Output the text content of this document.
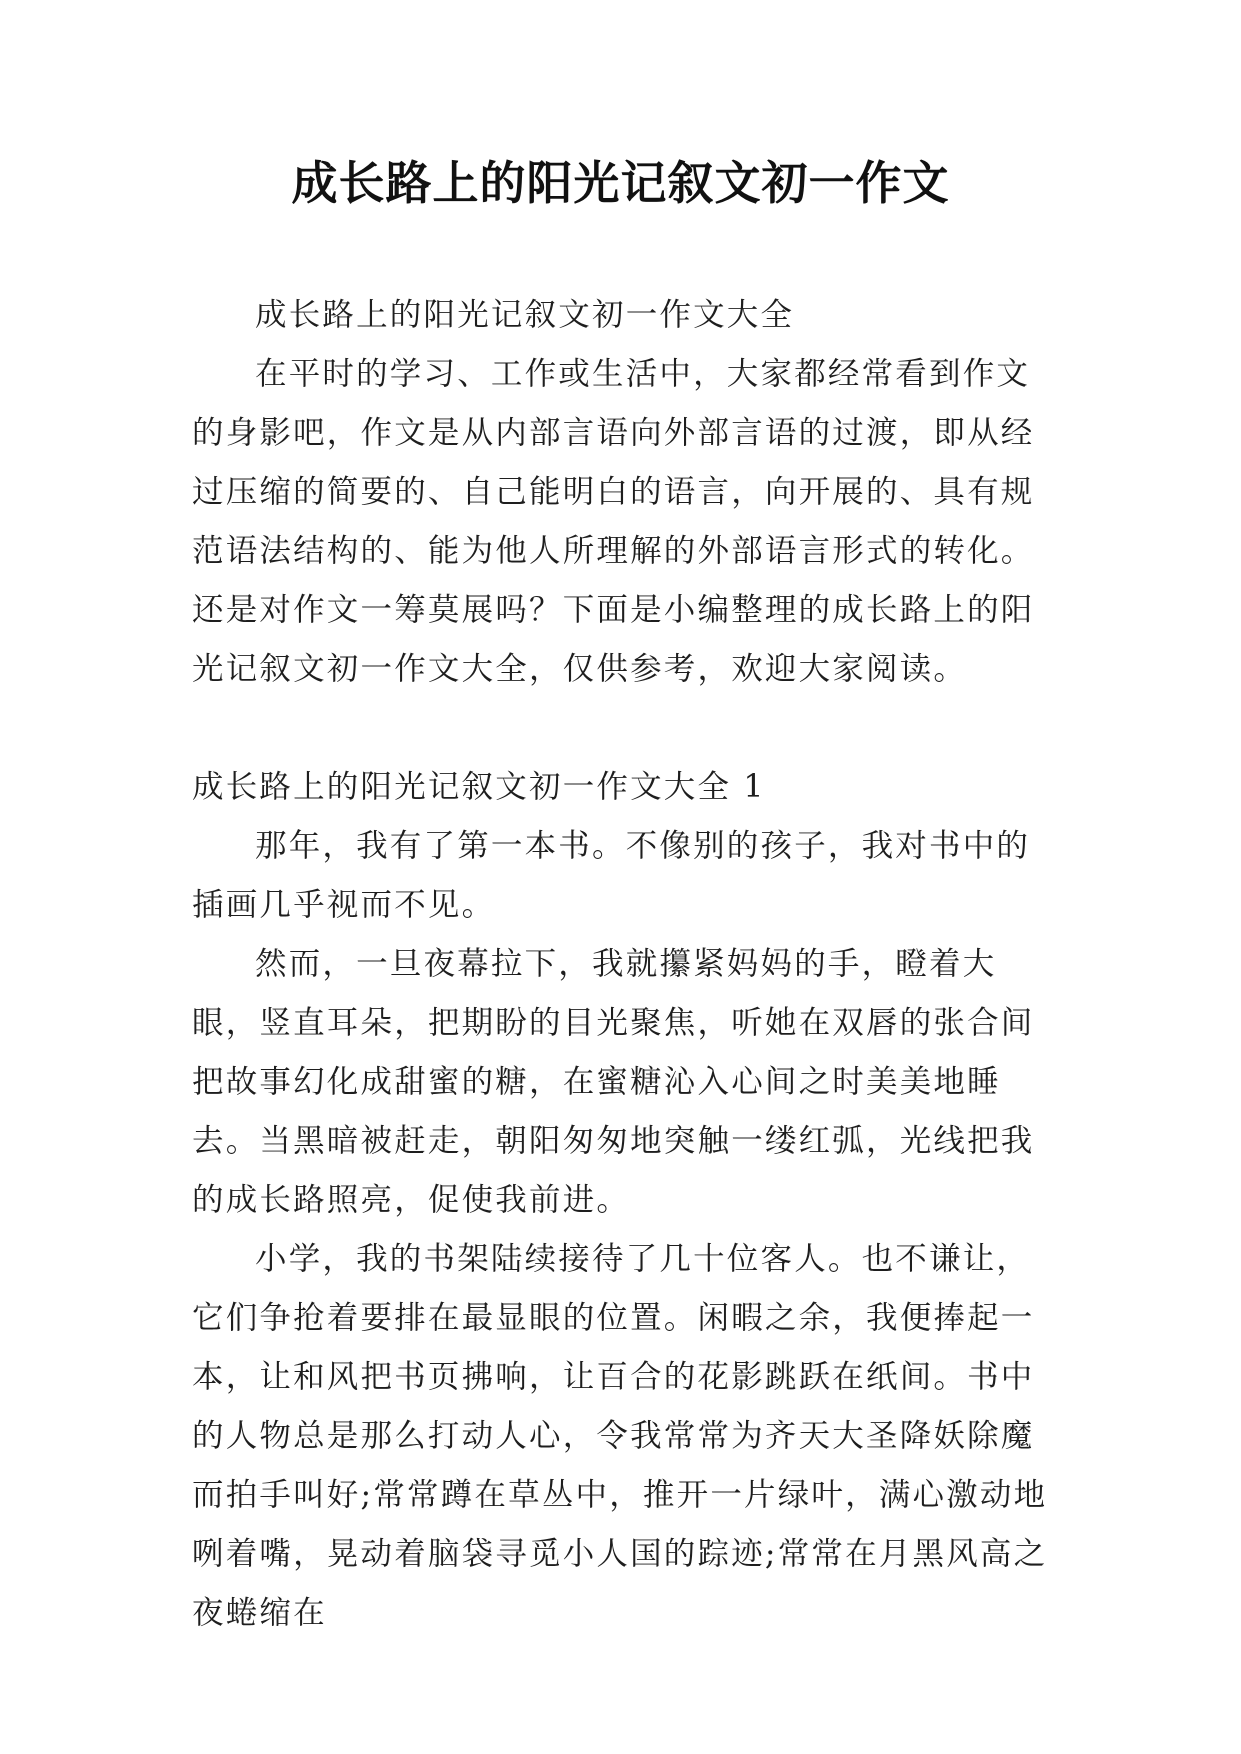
成长路上的阳光记叙文初一作文

成长路上的阳光记叙文初一作文大全

在平时的学习、工作或生活中，大家都经常看到作文的身影吧，作文是从内部言语向外部言语的过渡，即从经过压缩的简要的、自己能明白的语言，向开展的、具有规范语法结构的、能为他人所理解的外部语言形式的转化。还是对作文一筹莫展吗？下面是小编整理的成长路上的阳光记叙文初一作文大全，仅供参考，欢迎大家阅读。

成长路上的阳光记叙文初一作文大全 1

那年，我有了第一本书。不像别的孩子，我对书中的插画几乎视而不见。

然而，一旦夜幕拉下，我就攥紧妈妈的手，瞪着大眼，竖直耳朵，把期盼的目光聚焦，听她在双唇的张合间把故事幻化成甜蜜的糖，在蜜糖沁入心间之时美美地睡去。当黑暗被赶走，朝阳匆匆地突触一缕红弧，光线把我的成长路照亮，促使我前进。

小学，我的书架陆续接待了几十位客人。也不谦让，它们争抢着要排在最显眼的位置。闲暇之余，我便捧起一本，让和风把书页拂响，让百合的花影跳跃在纸间。书中的人物总是那么打动人心，令我常常为齐天大圣降妖除魔而拍手叫好;常常蹲在草丛中，推开一片绿叶，满心激动地咧着嘴，晃动着脑袋寻觅小人国的踪迹;常常在月黑风高之夜蜷缩在
